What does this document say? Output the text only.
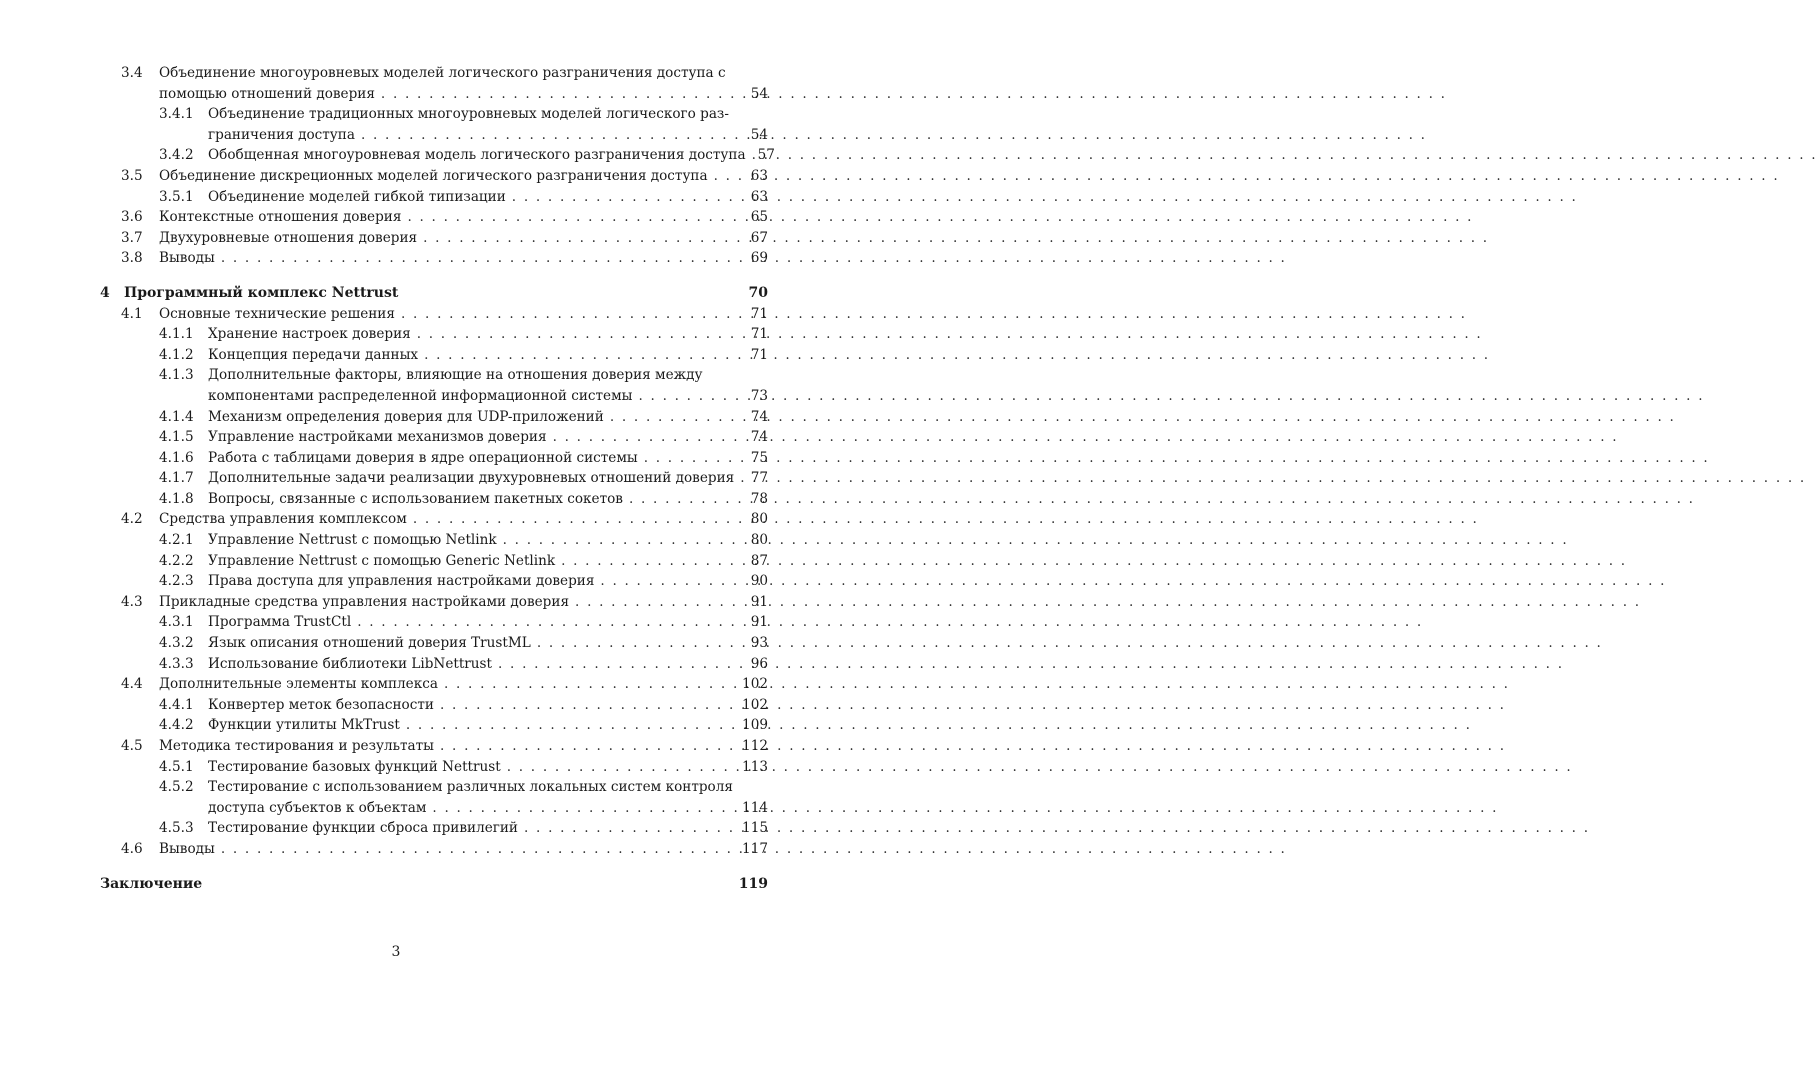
3.4 Объединение многоуровневых моделей логического разграничения доступа с
помощью отношений доверия . . .	54
3.4.1 Объединение традиционных многоуровневых моделей логического раз-
граничения доступа . . .	54
3.4.2 Обобщенная многоуровневая модель логического разграничения доступа . . . 57
3.5 Объединение дискреционных моделей логического разграничения доступа . . .	63
3.5.1 Объединение моделей гибкой типизации . . .	63
3.6 Контекстные отношения доверия . . .	65
3.7 Двухуровневые отношения доверия . . .	67
3.8 Выводы . . .	69
4 Программный комплекс Nettrust	70
4.1 Основные технические решения . . .	71
4.1.1 Хранение настроек доверия . . .	71
4.1.2 Концепция передачи данных . . .	71
4.1.3 Дополнительные факторы, влияющие на отношения доверия между
компонентами распределенной информационной системы . . .	73
4.1.4 Механизм определения доверия для UDP-приложений . . .	74
4.1.5 Управление настройками механизмов доверия . . .	74
4.1.6 Работа с таблицами доверия в ядре операционной системы . . .	75
4.1.7 Дополнительные задачи реализации двухуровневых отношений доверия . . .	77
4.1.8 Вопросы, связанные с использованием пакетных сокетов . . .	78
4.2 Средства управления комплексом . . .	80
4.2.1 Управление Nettrust с помощью Netlink . . .	80
4.2.2 Управление Nettrust с помощью Generic Netlink . . .	87
4.2.3 Права доступа для управления настройками доверия . . .	90
4.3 Прикладные средства управления настройками доверия . . .	91
4.3.1 Программа TrustCtl . . .	91
4.3.2 Язык описания отношений доверия TrustML . . .	93
4.3.3 Использование библиотеки LibNettrust . . .	96
4.4 Дополнительные элементы комплекса . . .	102
4.4.1 Конвертер меток безопасности . . .	102
4.4.2 Функции утилиты MkTrust . . .	109
4.5 Методика тестирования и результаты . . .	112
4.5.1 Тестирование базовых функций Nettrust . . .	113
4.5.2 Тестирование с использованием различных локальных систем контроля
доступа субъектов к объектам . . .	114
4.5.3 Тестирование функции сброса привилегий . . .	115
4.6 Выводы . . .	117
Заключение	119
3
